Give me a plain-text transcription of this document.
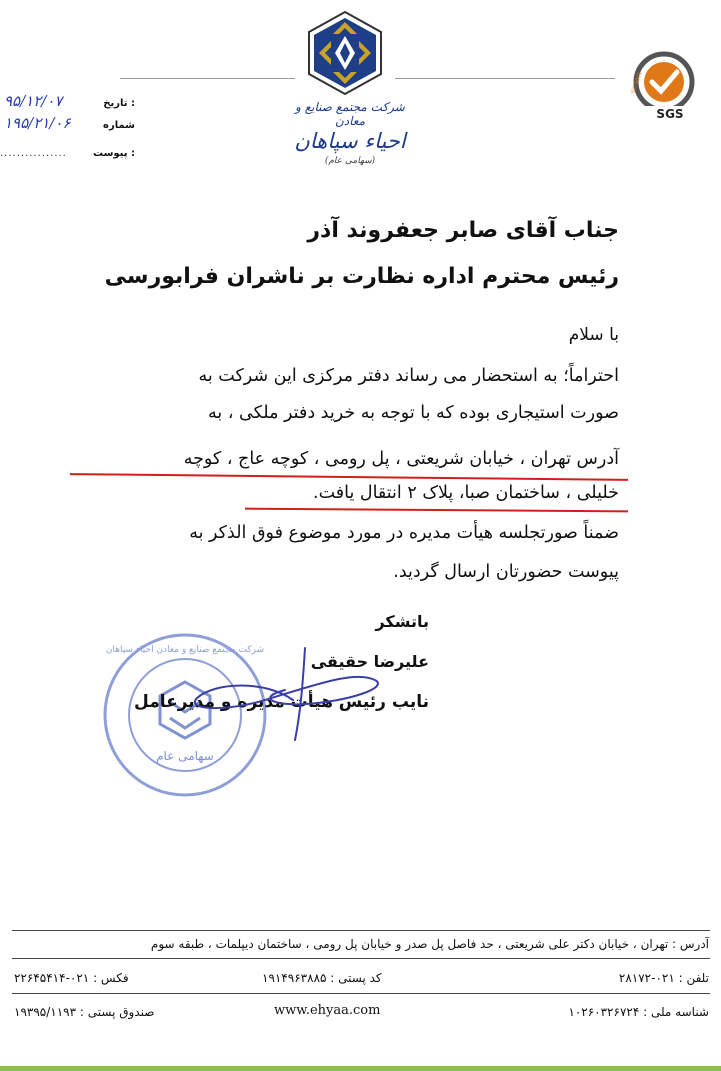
شرکت مجتمع صنایع و معادن
احیاء سپاهان
(سهامی عام)
SGS
ISO 9001
: تاریخ
۹۵/۱۲/۰۷
شماره
۱۹۵/۲۱/۰۶
: پیوست
................
جناب آقای صابر جعفروند آذر
رئیس محترم اداره نظارت بر ناشران فرابورسی
با سلام
احتراماً؛ به استحضار می رساند دفتر مرکزی این شرکت به
صورت استیجاری بوده که با توجه به خرید دفتر ملکی ، به
آدرس تهران ، خیابان شریعتی ، پل رومی ، کوچه عاج ، کوچه
خلیلی ، ساختمان صبا، پلاک ۲ انتقال یافت.
ضمناً صورتجلسه هیأت مدیره در مورد موضوع فوق الذکر به
پیوست حضورتان ارسال گردید.
سهامی عام
شرکت مجتمع صنایع و معادن احیاء سپاهان
باتشکر
علیرضا حقیقی
نایب رئیس هیأت مدیره و مدیرعامل
آدرس : تهران ، خیابان دکتر علی شریعتی ، حد فاصل پل صدر و خیابان پل رومی ، ساختمان دیپلمات ، طبقه سوم
تلفن : ۰۲۱-۲۸۱۷۲
کد پستی : ۱۹۱۴۹۶۳۸۸۵
فکس : ۰۲۱-۲۲۶۴۵۴۱۴
شناسه ملی : ۱۰۲۶۰۳۲۶۷۲۴
www.ehyaa.com
صندوق پستی : ۱۹۳۹۵/۱۱۹۳
